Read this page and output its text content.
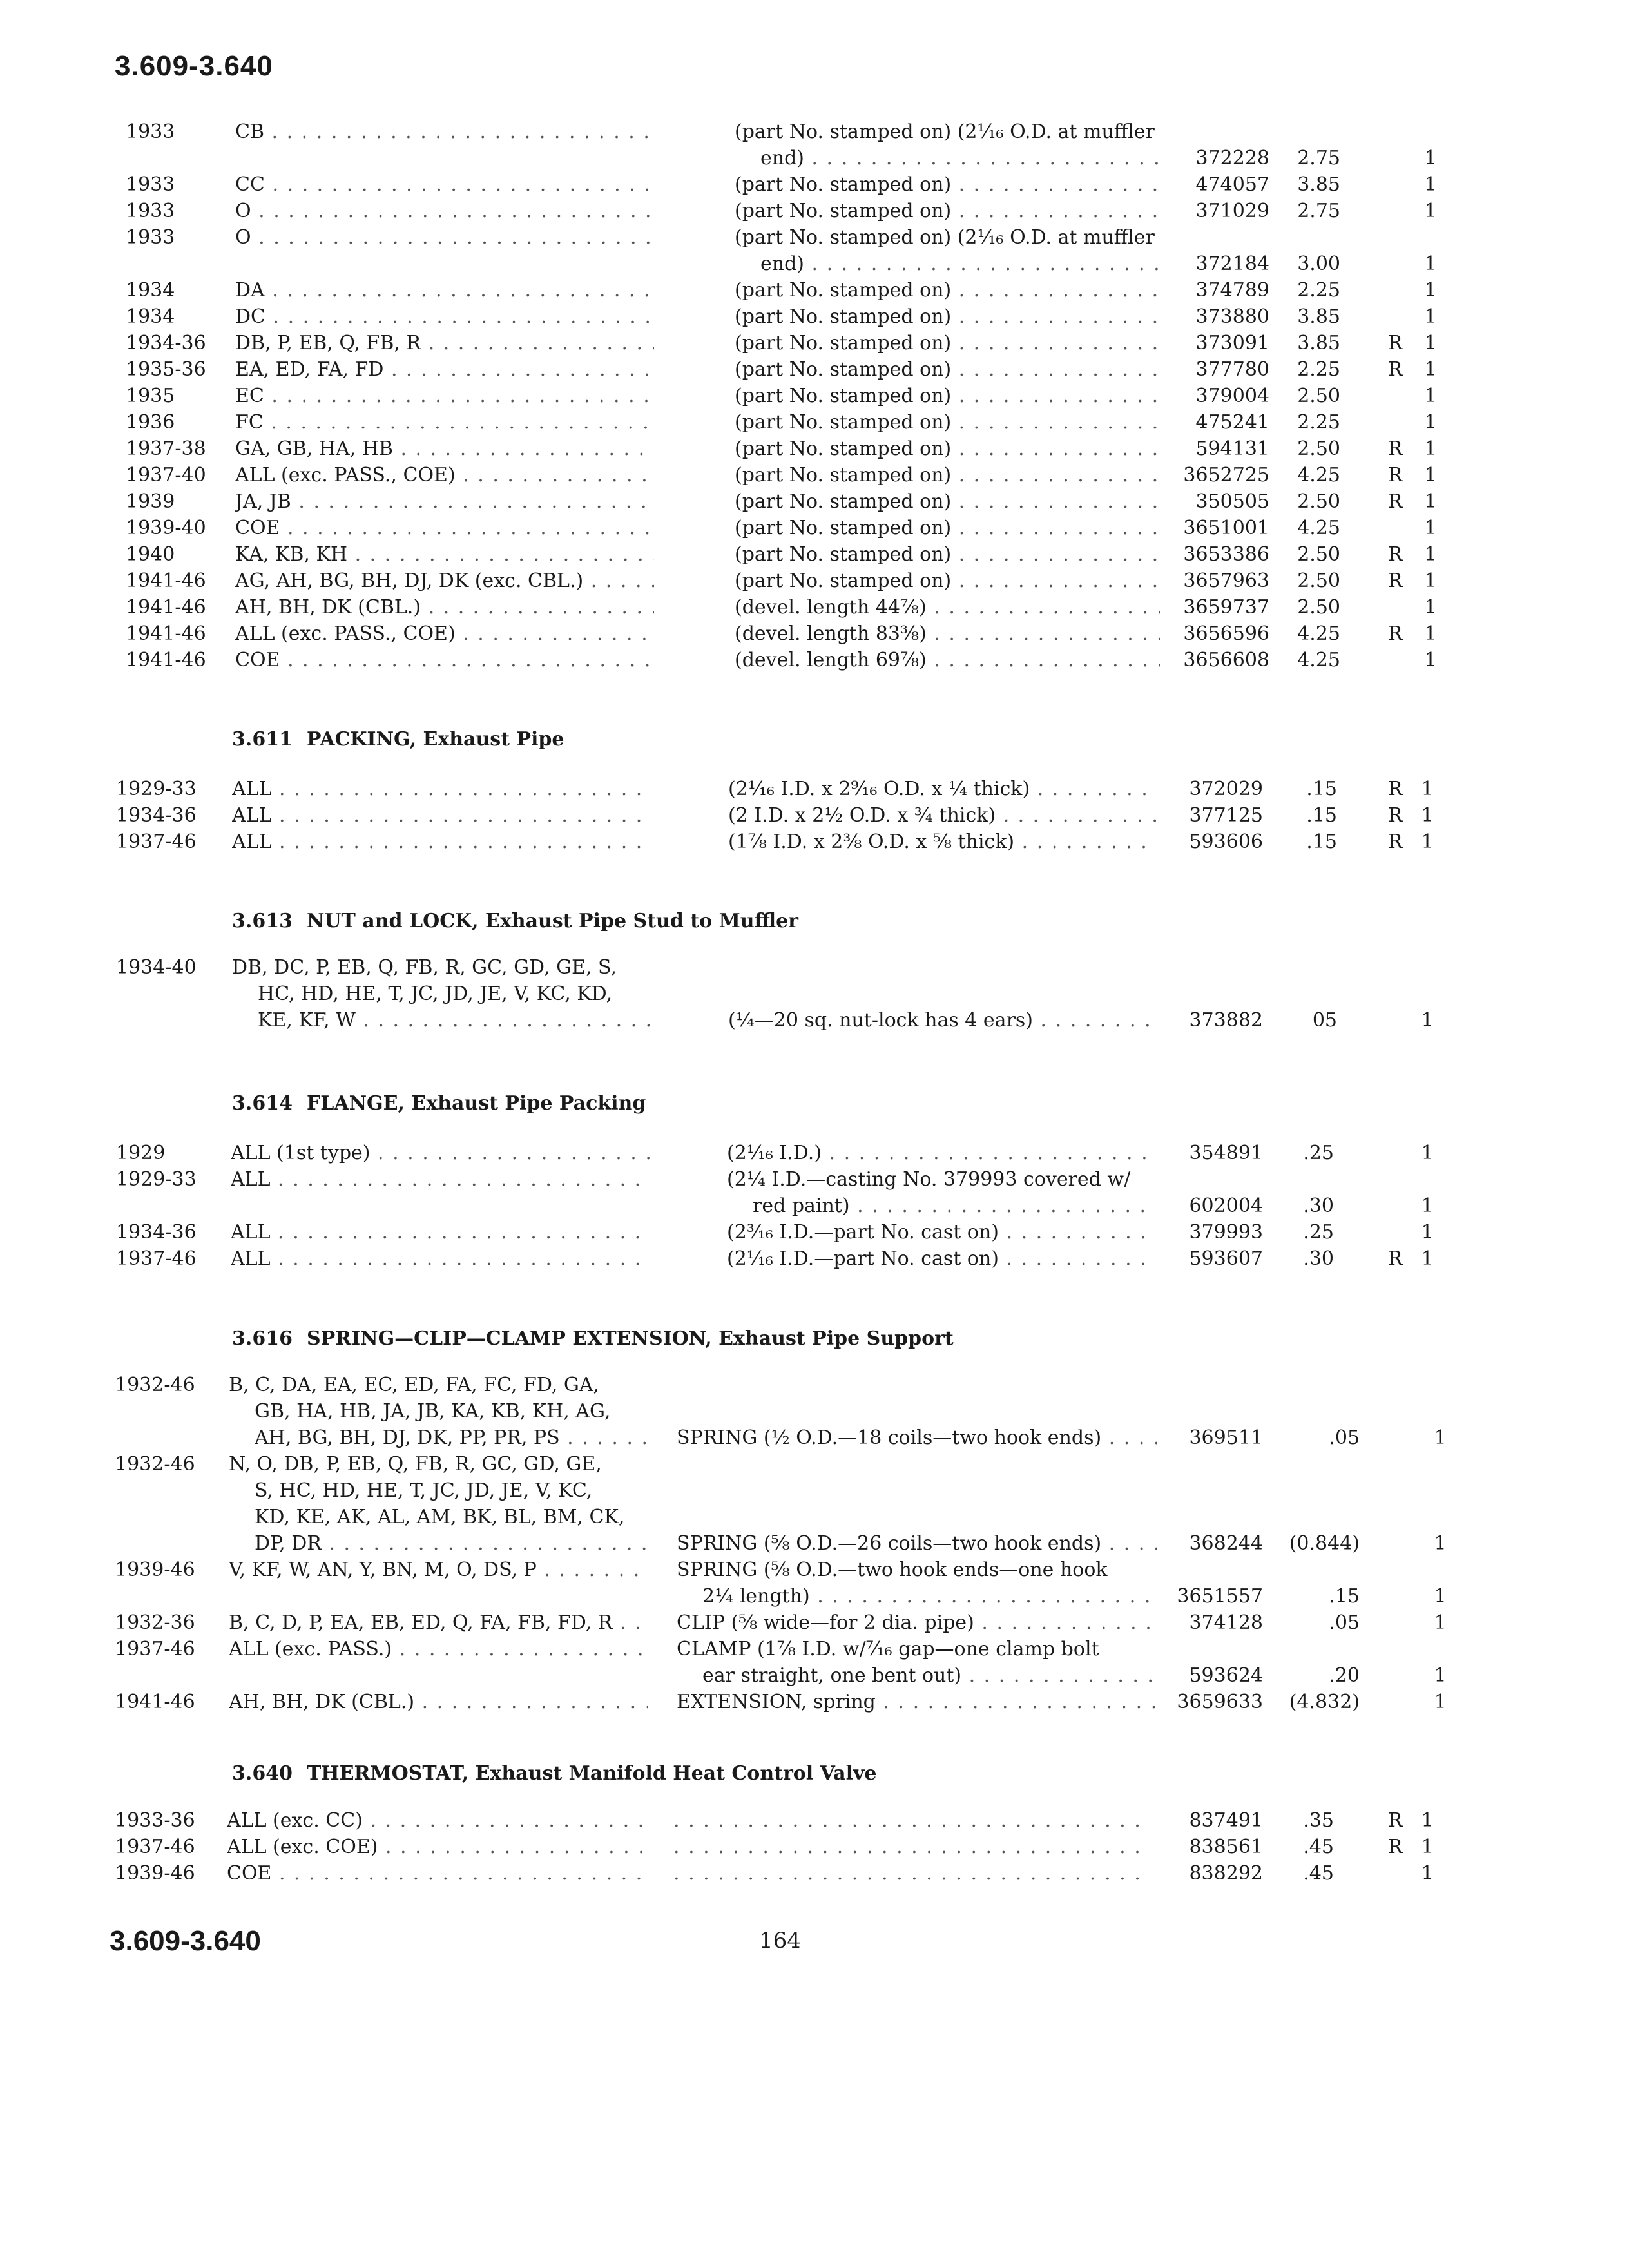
3.609-3.640
1933	CB . . .	(part No. stamped on) (2¹⁄₁₆ O.D. at muffler
end) . . .	372228	2.75	1
1933	CC . . .	(part No. stamped on) . . .	474057	3.85	1
1933	O . . .	(part No. stamped on) . . .	371029	2.75	1
1933	O . . .	(part No. stamped on) (2¹⁄₁₆ O.D. at muffler
end) . . .	372184	3.00	1
1934	DA . . .	(part No. stamped on) . . .	374789	2.25	1
1934	DC . . .	(part No. stamped on) . . .	373880	3.85	1
1934-36	DB, P, EB, Q, FB, R . . .	(part No. stamped on) . . .	373091	3.85 R 1
1935-36	EA, ED, FA, FD . . .	(part No. stamped on) . . .	377780	2.25 R 1
1935	EC . . .	(part No. stamped on) . . .	379004	2.50	1
1936	FC . . .	(part No. stamped on) . . .	475241	2.25	1
1937-38	GA, GB, HA, HB . . .	(part No. stamped on) . . .	594131	2.50 R 1
1937-40	ALL (exc. PASS., COE) . . .	(part No. stamped on) . . .	3652725	4.25 R 1
1939	JA, JB . . .	(part No. stamped on) . . .	350505	2.50 R 1
1939-40	COE . . .	(part No. stamped on) . . .	3651001	4.25	1
1940	KA, KB, KH . . .	(part No. stamped on) . . .	3653386	2.50 R 1
1941-46	AG, AH, BG, BH, DJ, DK (exc. CBL.) . . .	(part No. stamped on) . . .	3657963	2.50 R 1
1941-46	AH, BH, DK (CBL.) . . .	(devel. length 44⁷⁄₈) . . .	3659737	2.50	1
1941-46	ALL (exc. PASS., COE) . . .	(devel. length 83³⁄₈) . . .	3656596	4.25 R 1
1941-46	COE . . .	(devel. length 69⁷⁄₈) . . .	3656608	4.25	1
3.611 PACKING, Exhaust Pipe
1929-33	ALL . . .	(2¹⁄₁₆ I.D. x 2⁹⁄₁₆ O.D. x ¼ thick) . . .	372029	.15	R 1
1934-36	ALL . . .	(2 I.D. x 2½ O.D. x ¾ thick) . . .	377125	.15	R 1
1937-46	ALL . . .	(1⁷⁄₈ I.D. x 2³⁄₈ O.D. x ⅝ thick) . . .	593606	.15	R 1
3.613 NUT and LOCK, Exhaust Pipe Stud to Muffler
1934-40	DB, DC, P, EB, Q, FB, R, GC, GD, GE, S,
HC, HD, HE, T, JC, JD, JE, V, KC, KD,
KE, KF, W . . .	(¼—20 sq. nut-lock has 4 ears) . . .	373882	05	1
3.614 FLANGE, Exhaust Pipe Packing
1929	ALL (1st type) . . .	(2¹⁄₁₆ I.D.) . . .	354891	.25	1
1929-33	ALL . . .	(2¼ I.D.—casting No. 379993 covered w/
red paint) . . .	602004	.30	1
1934-36	ALL . . .	(2³⁄₁₆ I.D.—part No. cast on) . . .	379993	.25	1
1937-46	ALL . . .	(2¹⁄₁₆ I.D.—part No. cast on) . . .	593607	.30	R 1
3.616 SPRING—CLIP—CLAMP EXTENSION, Exhaust Pipe Support
1932-46	B, C, DA, EA, EC, ED, FA, FC, FD, GA,
GB, HA, HB, JA, JB, KA, KB, KH, AG,
AH, BG, BH, DJ, DK, PP, PR, PS . . .	SPRING (½ O.D.—18 coils—two hook ends) . . .	369511	.05	1
1932-46	N, O, DB, P, EB, Q, FB, R, GC, GD, GE,
S, HC, HD, HE, T, JC, JD, JE, V, KC,
KD, KE, AK, AL, AM, BK, BL, BM, CK,
DP, DR . . .	SPRING (⅝ O.D.—26 coils—two hook ends) . . .	368244	(0.844)	1
1939-46	V, KF, W, AN, Y, BN, M, O, DS, P . . .	SPRING (⅝ O.D.—two hook ends—one hook
2¼ length) . . .	3651557	.15	1
1932-36	B, C, D, P, EA, EB, ED, Q, FA, FB, FD, R . . .	CLIP (⅝ wide—for 2 dia. pipe) . . .	374128	.05	1
1937-46	ALL (exc. PASS.) . . .	CLAMP (1⅞ I.D. w/⁷⁄₁₆ gap—one clamp bolt
ear straight, one bent out) . . .	593624	.20	1
1941-46	AH, BH, DK (CBL.) . . .	EXTENSION, spring . . .	3659633	(4.832)	1
3.640 THERMOSTAT, Exhaust Manifold Heat Control Valve
1933-36	ALL (exc. CC) . . . . . .	837491	.35	R 1
1937-46	ALL (exc. COE) . . . . . .	838561	.45	R 1
1939-46	COE . . . . . .	838292	.45	1
3.609-3.640	164
